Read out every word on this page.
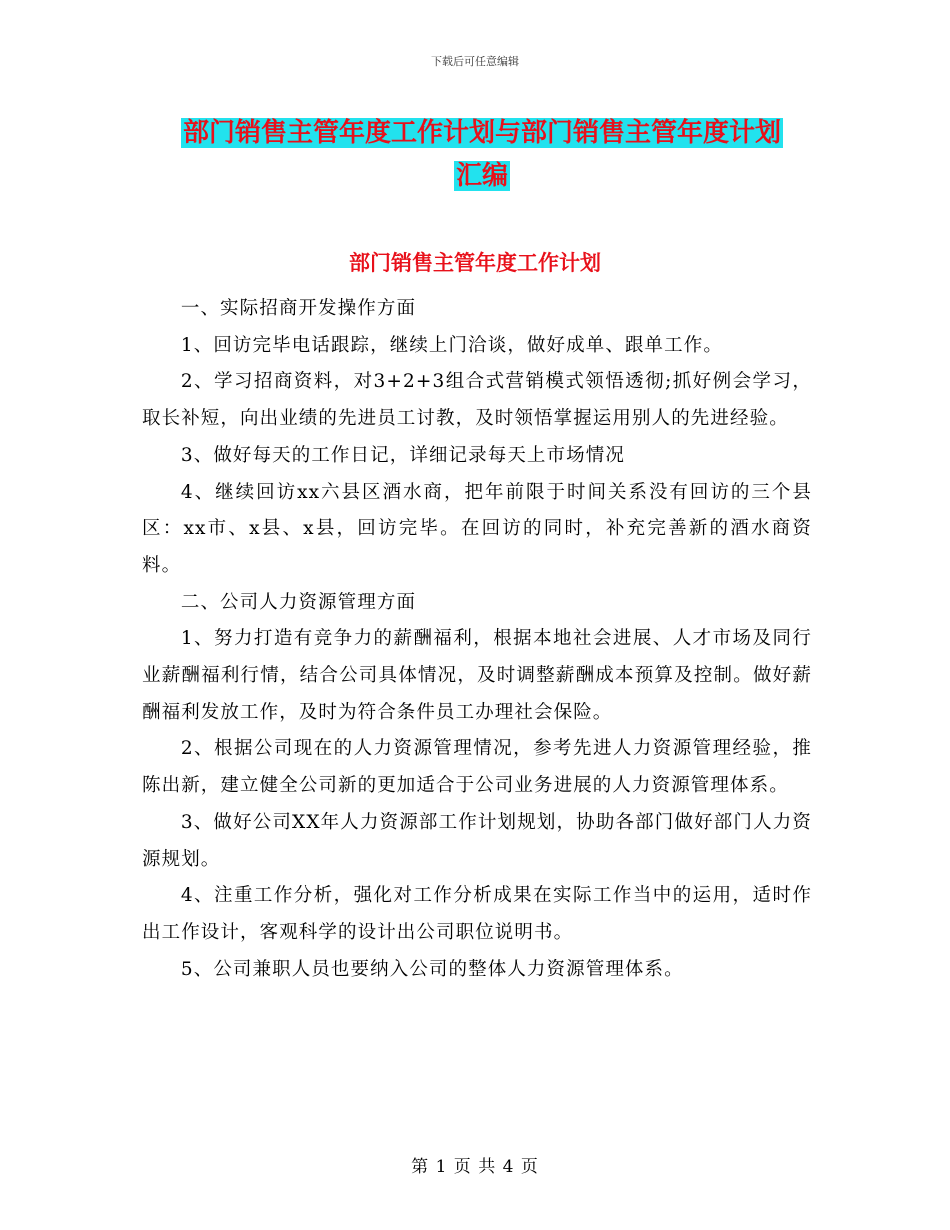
下载后可任意编辑
部门销售主管年度工作计划与部门销售主管年度计划
汇编
部门销售主管年度工作计划

一、实际招商开发操作方面

1、回访完毕电话跟踪，继续上门洽谈，做好成单、跟单工作。

2、学习招商资料，对3+2+3组合式营销模式领悟透彻;抓好例会学习，取长补短，向出业绩的先进员工讨教，及时领悟掌握运用别人的先进经验。

3、做好每天的工作日记，详细记录每天上市场情况

4、继续回访xx六县区酒水商，把年前限于时间关系没有回访的三个县区：xx市、x县、x县，回访完毕。在回访的同时，补充完善新的酒水商资料。

二、公司人力资源管理方面

1、努力打造有竞争力的薪酬福利，根据本地社会进展、人才市场及同行业薪酬福利行情，结合公司具体情况，及时调整薪酬成本预算及控制。做好薪酬福利发放工作，及时为符合条件员工办理社会保险。

2、根据公司现在的人力资源管理情况，参考先进人力资源管理经验，推陈出新，建立健全公司新的更加适合于公司业务进展的人力资源管理体系。

3、做好公司XX年人力资源部工作计划规划，协助各部门做好部门人力资源规划。

4、注重工作分析，强化对工作分析成果在实际工作当中的运用，适时作出工作设计，客观科学的设计出公司职位说明书。

5、公司兼职人员也要纳入公司的整体人力资源管理体系。

第 1 页 共 4 页
